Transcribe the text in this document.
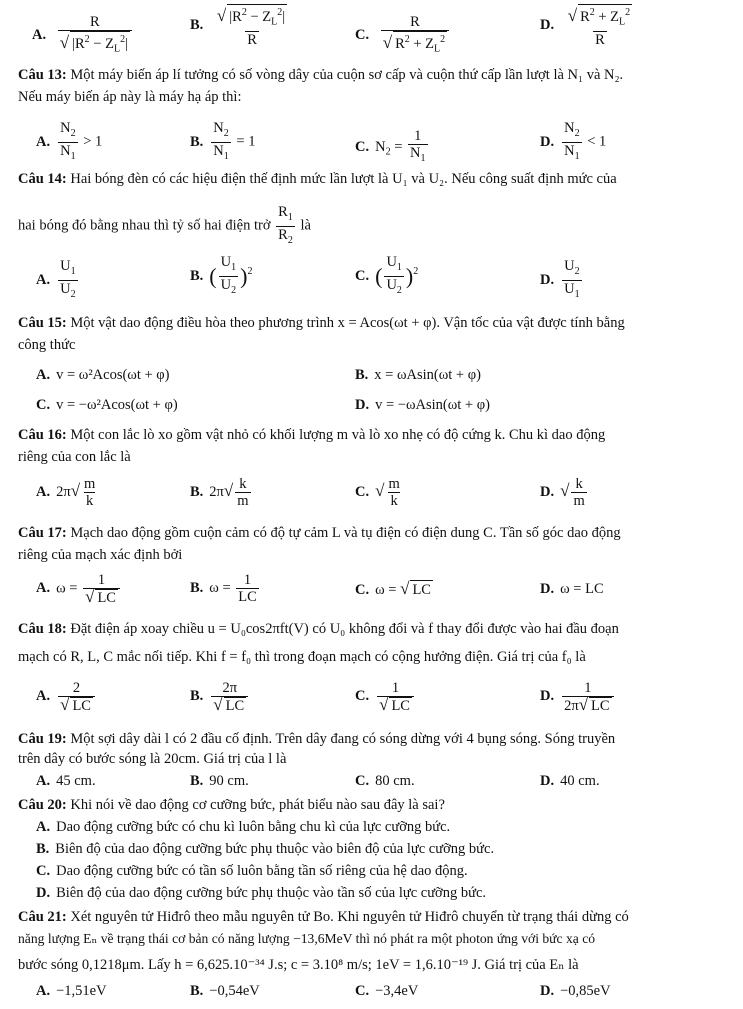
A. $\frac{R}{√ |R^2 - Z_L^2|}$	B. $\frac{√ |R^2 - Z_L^2|}{R}$	C. $\frac{R}{√ R^2 + Z_L^2}$	D. $\frac{√ R^2 + Z_L^2}{R}$
Câu 13: Một máy biến áp lí tưởng có số vòng dây của cuộn sơ cấp và cuộn thứ cấp lần lượt là N₁ và N₂.
Nếu máy biến áp này là máy hạ áp thì:
A. $\frac{N_2}{N_1} > 1$	B. $\frac{N_2}{N_1} = 1$	C. $N_2 = \frac{1}{N_1}$	D. $\frac{N_2}{N_1} < 1$
Câu 14: Hai bóng đèn có các hiệu điện thế định mức lần lượt là U₁ và U₂. Nếu công suất định mức của
hai bóng đó bằng nhau thì tỷ số hai điện trở $\frac{R_1}{R_2}$ là
A. $\frac{U_1}{U_2}$	B. ( $\frac{U_1}{U_2} )^2$	C. ( $\frac{U_1}{U_2} )^2$
D. $\frac{U_2}{U_1}$
Câu 15: Một vật dao động điều hòa theo phương trình x = Acos(ωt + φ). Vận tốc của vật được tính bằng
công thức
A. v = ω²Acos(ωt + φ)	B. x = ωAsin(ωt + φ)
C. v = −ω²Acos(ωt + φ)	D. v = −ωAsin(ωt + φ)
Câu 16: Một con lắc lò xo gồm vật nhỏ có khối lượng m và lò xo nhẹ có độ cứng k. Chu kì dao động
riêng của con lắc là
A. $2\pi√ \frac{m}{k}$	B. $2\pi√ \frac{k}{m}$	C. √ $\frac{m}{k}$	D. √ $\frac{k}{m}$
Câu 17: Mạch dao động gồm cuộn cảm có độ tự cảm L và tụ điện có điện dung C. Tần số góc dao động
riêng của mạch xác định bởi
A. $\omega = \frac{1}{√ LC}$	B. $\omega = \frac{1}{LC}$	C. ω = √ LC	D. ω = LC
Câu 18: Đặt điện áp xoay chiều u = U₀cos2πft(V) có U₀ không đổi và f thay đổi được vào hai đầu đoạn
mạch có R, L, C mắc nối tiếp. Khi f = f₀ thì trong đoạn mạch có cộng hưởng điện. Giá trị của f₀ là
A. $\frac{2}{√ LC}$	B. $\frac{2\pi}{√ LC}$	C. $\frac{1}{√ LC}$	D. $\frac{1}{2\pi√ LC}$
Câu 19: Một sợi dây dài l có 2 đầu cố định. Trên dây đang có sóng dừng với 4 bụng sóng. Sóng truyền
trên dây có bước sóng là 20cm. Giá trị của l là
A. 45 cm.	B. 90 cm.	C. 80 cm.	D. 40 cm.
Câu 20: Khi nói về dao động cơ cưỡng bức, phát biểu nào sau đây là sai?
A. Dao động cưỡng bức có chu kì luôn bằng chu kì của lực cưỡng bức.
B. Biên độ của dao động cưỡng bức phụ thuộc vào biên độ của lực cưỡng bức.
C. Dao động cưỡng bức có tần số luôn bằng tần số riêng của hệ dao động.
D. Biên độ của dao động cưỡng bức phụ thuộc vào tần số của lực cưỡng bức.
Câu 21: Xét nguyên tử Hiđrô theo mẫu nguyên tử Bo. Khi nguyên tử Hiđrô chuyển từ trạng thái dừng có
năng lượng Eₙ về trạng thái cơ bản có năng lượng −13,6MeV thì nó phát ra một photon ứng với bức xạ có
bước sóng 0,1218μm. Lấy h = 6,625.10⁻³⁴ J.s; c = 3.10⁸ m/s; 1eV = 1,6.10⁻¹⁹ J. Giá trị của Eₙ là
A. −1,51eV	B. −0,54eV	C. −3,4eV	D. −0,85eV
